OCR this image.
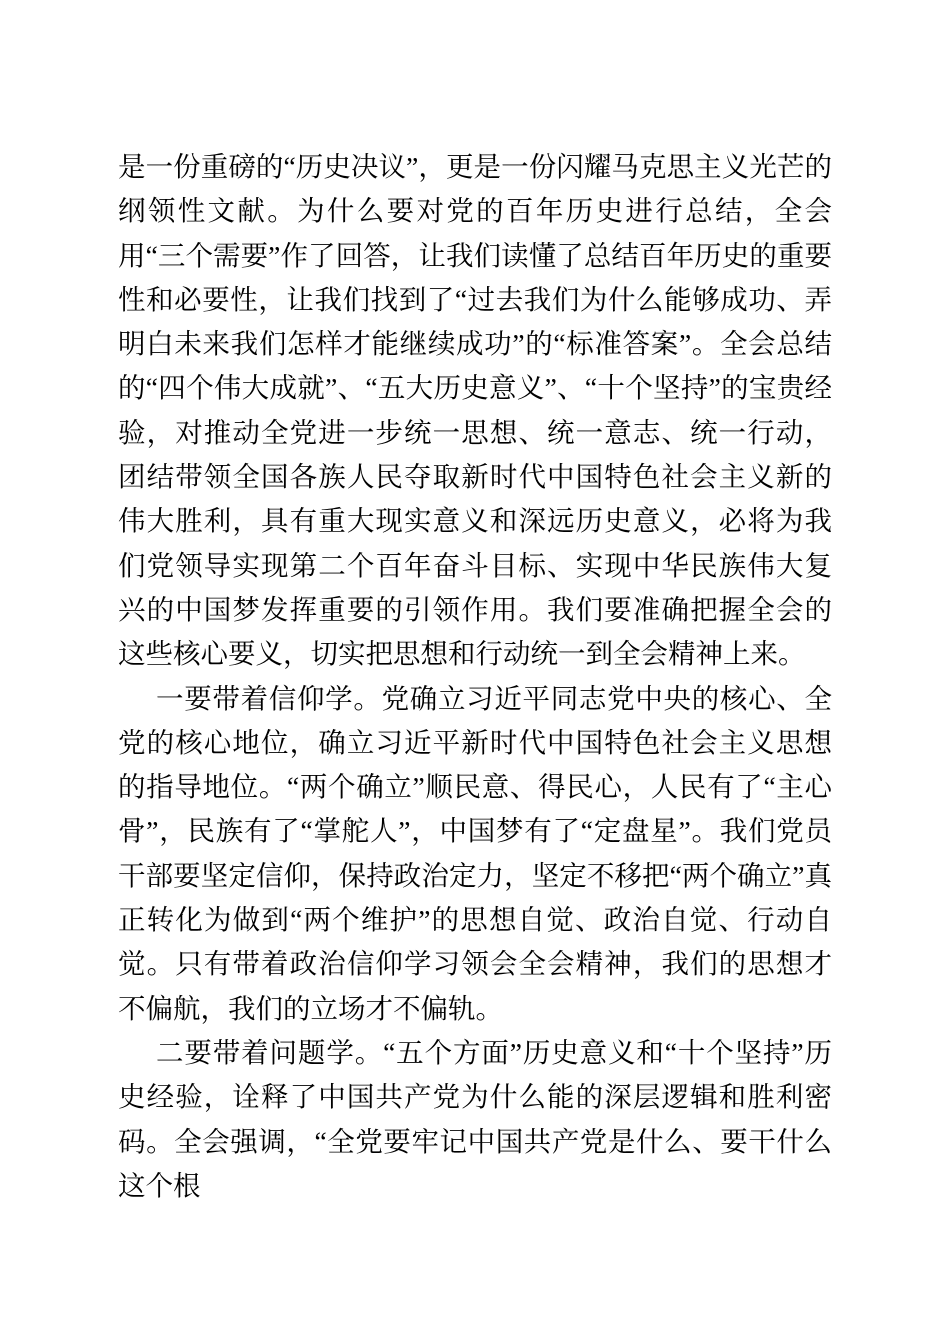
是一份重磅的“历史决议”，更是一份闪耀马克思主义光芒的纲领性文献。为什么要对党的百年历史进行总结，全会用“三个需要”作了回答，让我们读懂了总结百年历史的重要性和必要性，让我们找到了“过去我们为什么能够成功、弄明白未来我们怎样才能继续成功”的“标准答案”。全会总结的“四个伟大成就”、“五大历史意义”、“十个坚持”的宝贵经验，对推动全党进一步统一思想、统一意志、统一行动，团结带领全国各族人民夺取新时代中国特色社会主义新的伟大胜利，具有重大现实意义和深远历史意义，必将为我们党领导实现第二个百年奋斗目标、实现中华民族伟大复兴的中国梦发挥重要的引领作用。我们要准确把握全会的这些核心要义，切实把思想和行动统一到全会精神上来。

一要带着信仰学。党确立习近平同志党中央的核心、全党的核心地位，确立习近平新时代中国特色社会主义思想的指导地位。“两个确立”顺民意、得民心，人民有了“主心骨”，民族有了“掌舵人”，中国梦有了“定盘星”。我们党员干部要坚定信仰，保持政治定力，坚定不移把“两个确立”真正转化为做到“两个维护”的思想自觉、政治自觉、行动自觉。只有带着政治信仰学习领会全会精神，我们的思想才不偏航，我们的立场才不偏轨。

二要带着问题学。“五个方面”历史意义和“十个坚持”历史经验，诠释了中国共产党为什么能的深层逻辑和胜利密码。全会强调，“全党要牢记中国共产党是什么、要干什么这个根
